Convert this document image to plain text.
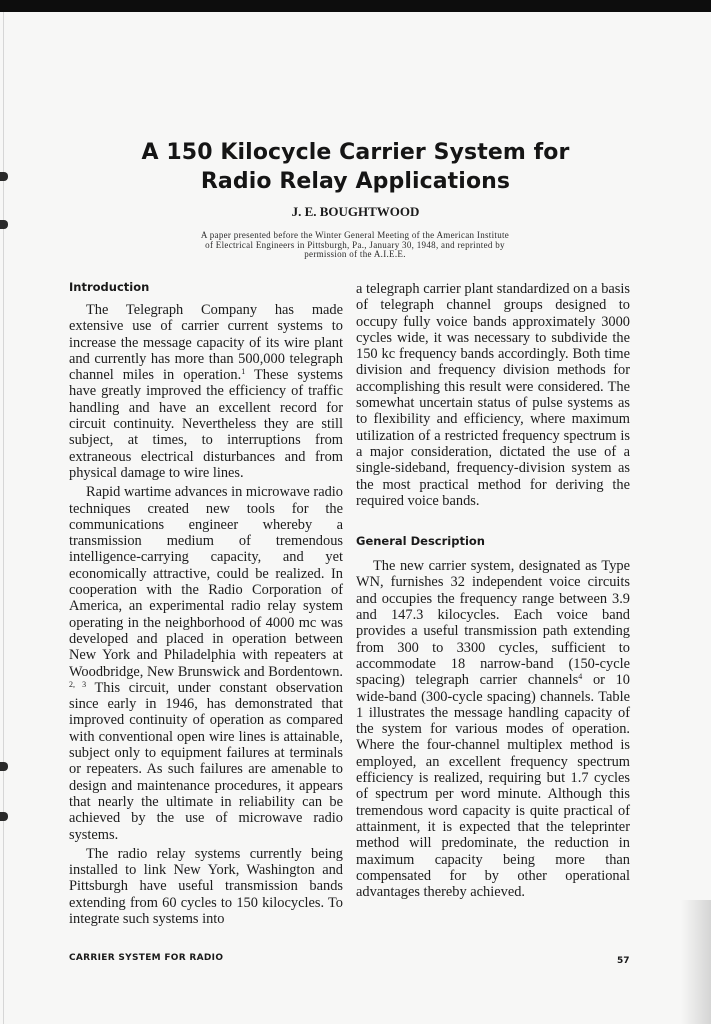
A 150 Kilocycle Carrier System for
Radio Relay Applications
J. E. BOUGHTWOOD
A paper presented before the Winter General Meeting of the American Institute
of Electrical Engineers in Pittsburgh, Pa., January 30, 1948, and reprinted by
permission of the A.I.E.E.
Introduction

The Telegraph Company has made extensive use of carrier current systems to increase the message capacity of its wire plant and currently has more than 500,000 telegraph channel miles in operation.$^1$ These systems have greatly improved the efficiency of traffic handling and have an excellent record for circuit continuity. Nevertheless they are still subject, at times, to interruptions from extraneous electrical disturbances and from physical damage to wire lines.

Rapid wartime advances in microwave radio techniques created new tools for the communications engineer whereby a transmission medium of tremendous intelligence-carrying capacity, and yet economically attractive, could be realized. In cooperation with the Radio Corporation of America, an experimental radio relay system operating in the neighborhood of 4000 mc was developed and placed in operation between New York and Philadelphia with repeaters at Woodbridge, New Brunswick and Bordentown. $^{2, 3}$ This circuit, under constant observation since early in 1946, has demonstrated that improved continuity of operation as compared with conventional open wire lines is attainable, subject only to equipment failures at terminals or repeaters. As such failures are amenable to design and maintenance procedures, it appears that nearly the ultimate in reliability can be achieved by the use of microwave radio systems.

The radio relay systems currently being installed to link New York, Washington and Pittsburgh have useful transmission bands extending from 60 cycles to 150 kilocycles. To integrate such systems into

a telegraph carrier plant standardized on a basis of telegraph channel groups designed to occupy fully voice bands approximately 3000 cycles wide, it was necessary to subdivide the 150 kc frequency bands accordingly. Both time division and frequency division methods for accomplishing this result were considered. The somewhat uncertain status of pulse systems as to flexibility and efficiency, where maximum utilization of a restricted frequency spectrum is a major consideration, dictated the use of a single-sideband, frequency-division system as the most practical method for deriving the required voice bands.

General Description

The new carrier system, designated as Type WN, furnishes 32 independent voice circuits and occupies the frequency range between 3.9 and 147.3 kilocycles. Each voice band provides a useful transmission path extending from 300 to 3300 cycles, sufficient to accommodate 18 narrow-band (150-cycle spacing) telegraph carrier channels$^4$ or 10 wide-band (300-cycle spacing) channels. Table 1 illustrates the message handling capacity of the system for various modes of operation. Where the four-channel multiplex method is employed, an excellent frequency spectrum efficiency is realized, requiring but 1.7 cycles of spectrum per word minute. Although this tremendous word capacity is quite practical of attainment, it is expected that the teleprinter method will predominate, the reduction in maximum capacity being more than compensated for by other operational advantages thereby achieved.

CARRIER SYSTEM FOR RADIO	57
